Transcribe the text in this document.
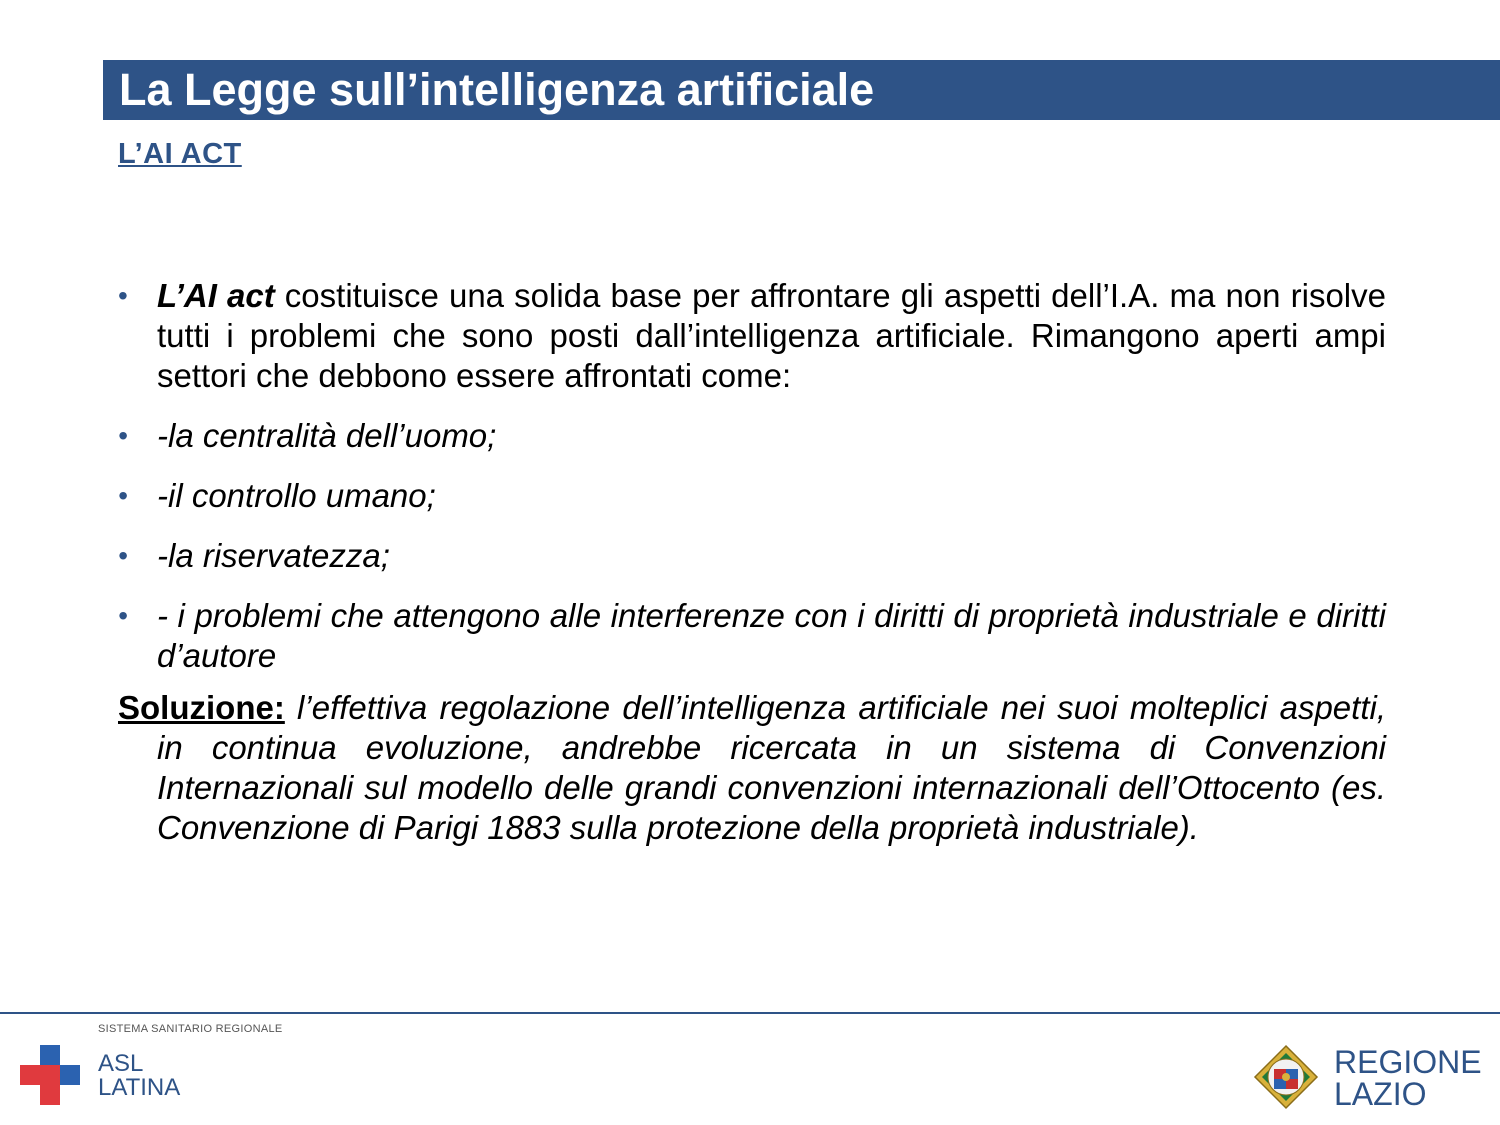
La Legge sull’intelligenza artificiale
L’AI ACT
• L’AI act costituisce una solida base per affrontare gli aspetti dell’I.A. ma non risolve tutti i problemi che sono posti dall’intelligenza artificiale. Rimangono aperti ampi settori che debbono essere affrontati come:
• -la centralità dell’uomo;
• -il controllo umano;
• -la riservatezza;
• - i problemi che attengono alle interferenze con i diritti di proprietà industriale e diritti d’autore
Soluzione: l’effettiva regolazione dell’intelligenza artificiale nei suoi molteplici aspetti, in continua evoluzione, andrebbe ricercata in un sistema di Convenzioni Internazionali sul modello delle grandi convenzioni internazionali dell’Ottocento (es. Convenzione di Parigi 1883 sulla protezione della proprietà industriale).
SISTEMA SANITARIO REGIONALE
ASL
LATINA
REGIONE
LAZIO
